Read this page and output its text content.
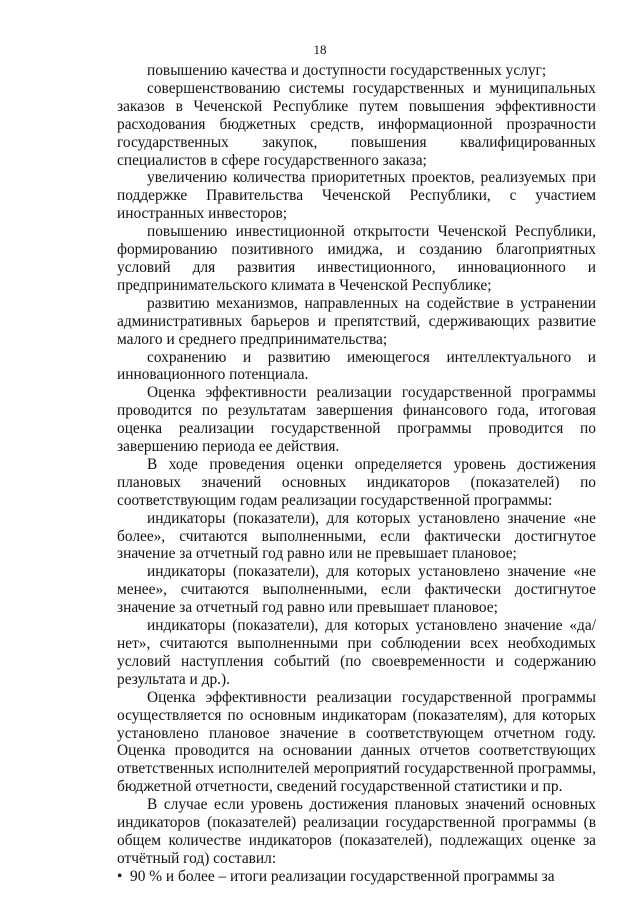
18

повышению качества и доступности государственных услуг;

совершенствованию системы государственных и муниципальных заказов в Чеченской Республике путем повышения эффективности расходования бюджетных средств, информационной прозрачности государственных закупок, повышения квалифицированных специалистов в сфере государственного заказа;

увеличению количества приоритетных проектов, реализуемых при поддержке Правительства Чеченской Республики, с участием иностранных инвесторов;

повышению инвестиционной открытости Чеченской Республики, формированию позитивного имиджа, и созданию благоприятных условий для развития инвестиционного, инновационного и предпринимательского климата в Чеченской Республике;

развитию механизмов, направленных на содействие в устранении административных барьеров и препятствий, сдерживающих развитие малого и среднего предпринимательства;

сохранению и развитию имеющегося интеллектуального и инновационного потенциала.

Оценка эффективности реализации государственной программы проводится по результатам завершения финансового года, итоговая оценка реализации государственной программы проводится по завершению периода ее действия.

В ходе проведения оценки определяется уровень достижения плановых значений основных индикаторов (показателей) по соответствующим годам реализации государственной программы:

индикаторы (показатели), для которых установлено значение «не более», считаются выполненными, если фактически достигнутое значение за отчетный год равно или не превышает плановое;

индикаторы (показатели), для которых установлено значение «не менее», считаются выполненными, если фактически достигнутое значение за отчетный год равно или превышает плановое;

индикаторы (показатели), для которых установлено значение «да/нет», считаются выполненными при соблюдении всех необходимых условий наступления событий (по своевременности и содержанию результата и др.).

Оценка эффективности реализации государственной программы осуществляется по основным индикаторам (показателям), для которых установлено плановое значение в соответствующем отчетном году. Оценка проводится на основании данных отчетов соответствующих ответственных исполнителей мероприятий государственной программы, бюджетной отчетности, сведений государственной статистики и пр.

В случае если уровень достижения плановых значений основных индикаторов (показателей) реализации государственной программы (в общем количестве индикаторов (показателей), подлежащих оценке за отчётный год) составил:

• 90 % и более – итоги реализации государственной программы за
